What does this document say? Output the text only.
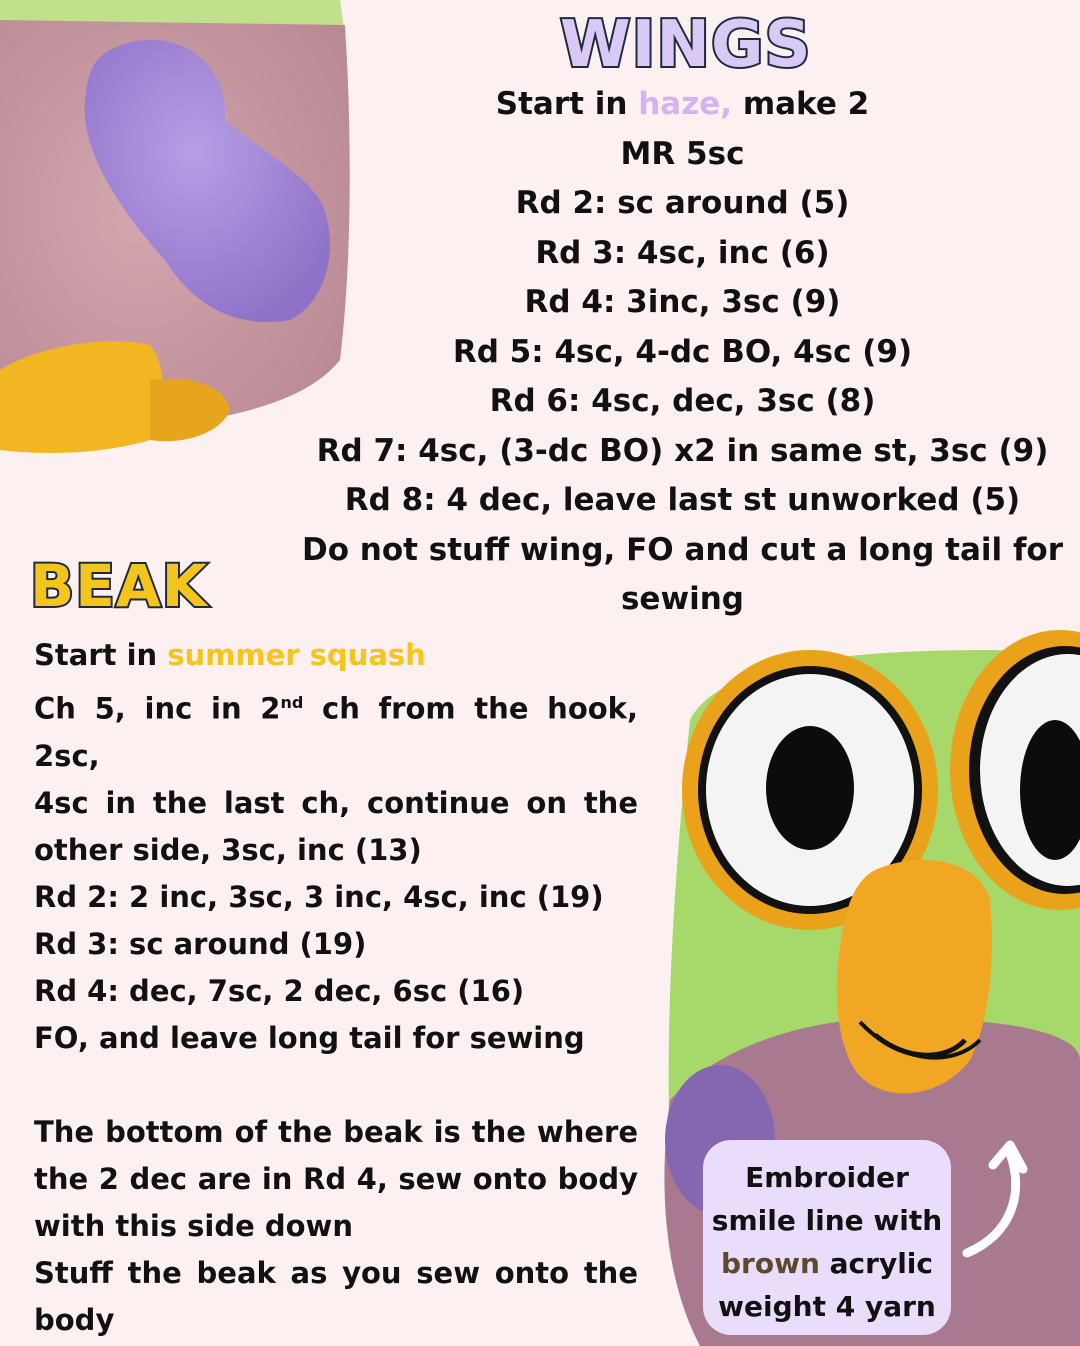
WINGS
Start in haze, make 2
MR 5sc
Rd 2: sc around (5)
Rd 3: 4sc, inc (6)
Rd 4: 3inc, 3sc (9)
Rd 5: 4sc, 4-dc BO, 4sc (9)
Rd 6: 4sc, dec, 3sc (8)
Rd 7: 4sc, (3-dc BO) x2 in same st, 3sc (9)
Rd 8: 4 dec, leave last st unworked (5)
Do not stuff wing, FO and cut a long tail for sewing
BEAK
Start in summer squash
Ch 5, inc in 2nd ch from the hook, 2sc,
4sc in the last ch, continue on the
other side, 3sc, inc (13)
Rd 2: 2 inc, 3sc, 3 inc, 4sc, inc (19)
Rd 3: sc around (19)
Rd 4: dec, 7sc, 2 dec, 6sc (16)
FO, and leave long tail for sewing
The bottom of the beak is the where
the 2 dec are in Rd 4, sew onto body
with this side down
Stuff the beak as you sew onto the
body
Embroider
smile line with
brown acrylic
weight 4 yarn
